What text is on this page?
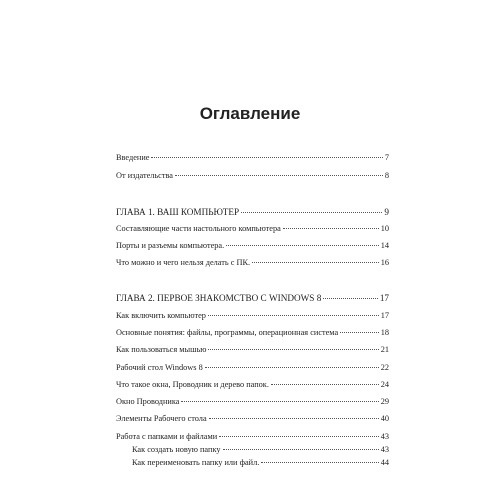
Оглавление
Введение	7
От издательства	8
ГЛАВА 1. ВАШ КОМПЬЮТЕР	9
Составляющие части настольного компьютера	10
Порты и разъемы компьютера.	14
Что можно и чего нельзя делать с ПК.	16
ГЛАВА 2. ПЕРВОЕ ЗНАКОМСТВО С WINDOWS 8	17
Как включить компьютер	17
Основные понятия: файлы, программы, операционная система	18
Как пользоваться мышью	21
Рабочий стол Windows 8	22
Что такое окна, Проводник и дерево папок.	24
Окно Проводника	29
Элементы Рабочего стола	40
Работа с папками и файлами	43
Как создать новую папку	43
Как переименовать папку или файл.	44
